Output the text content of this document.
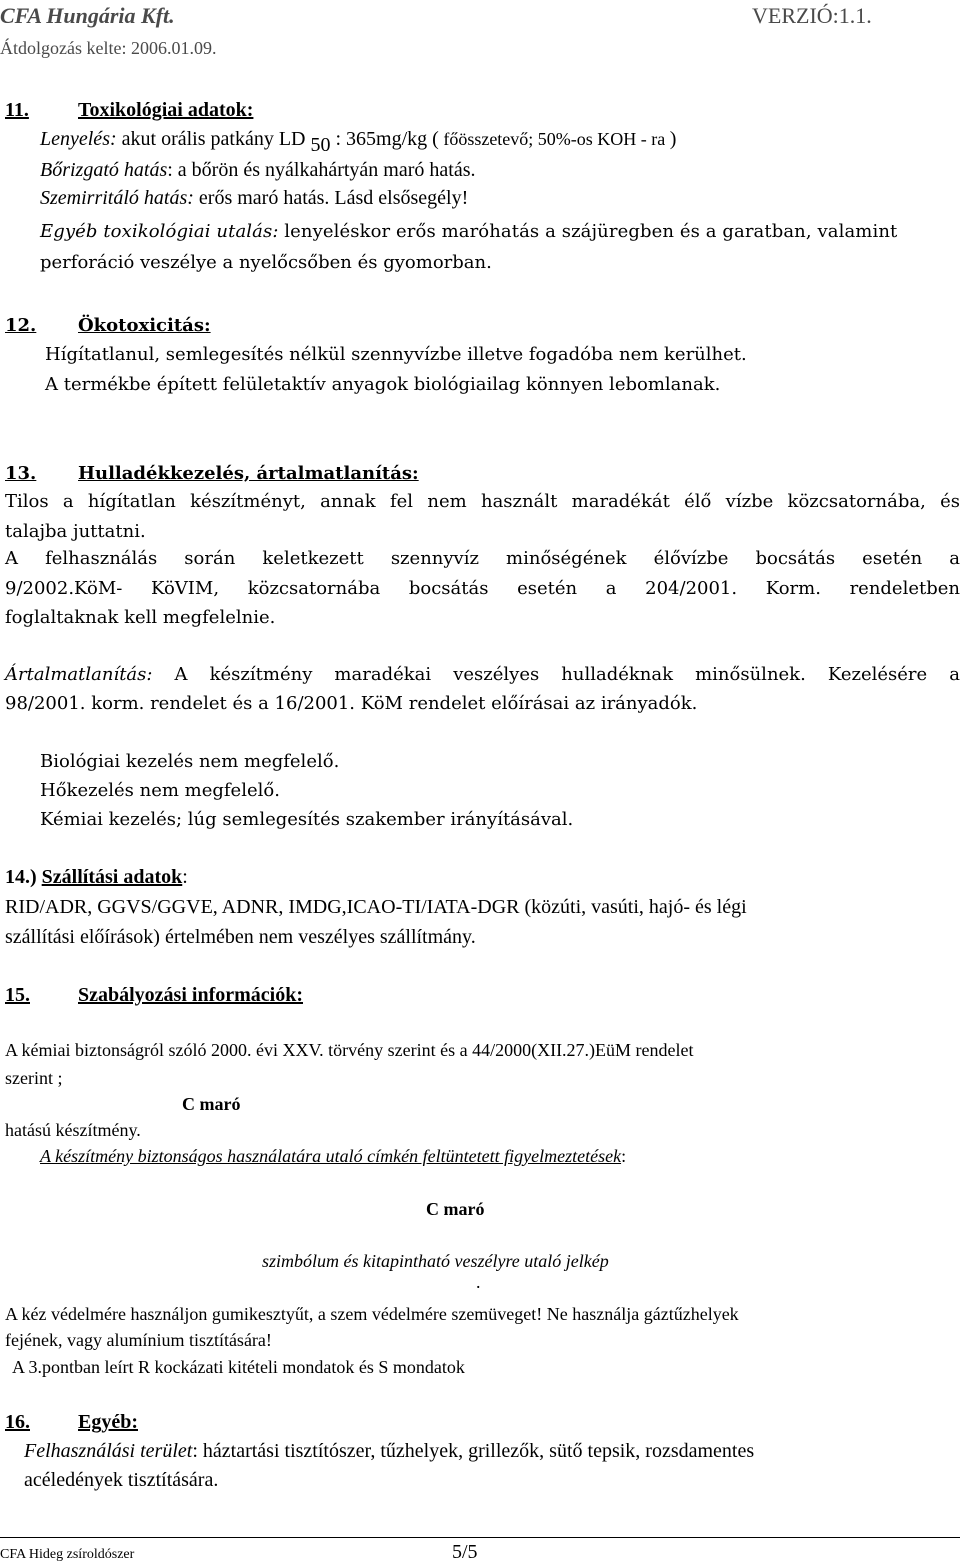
CFA Hungária Kft.	VERZIÓ:1.1.
Átdolgozás kelte: 2006.01.09.
11. Toxikológiai adatok:
Lenyelés: akut orális patkány LD 50 : 365mg/kg ( főösszetevő; 50%-os KOH - ra )
Bőrizgató hatás: a bőrön és nyálkahártyán maró hatás.
Szemirritáló hatás: erős maró hatás. Lásd elsősegély!
Egyéb toxikológiai utalás: lenyeléskor erős maróhatás a szájüregben és a garatban, valamint
perforáció veszélye a nyelőcsőben és gyomorban.
12. Ökotoxicitás:
Hígítatlanul, semlegesítés nélkül szennyvízbe illetve fogadóba nem kerülhet.
A termékbe épített felületaktív anyagok biológiailag könnyen lebomlanak.
13. Hulladékkezelés, ártalmatlanítás:
Tilos a hígítatlan készítményt, annak fel nem használt maradékát élő vízbe közcsatornába, és
talajba juttatni.
A felhasználás során keletkezett szennyvíz minőségének élővízbe bocsátás esetén a
9/2002.KöM- KöVIM, közcsatornába bocsátás esetén a 204/2001. Korm. rendeletben
foglaltaknak kell megfelelnie.
Ártalmatlanítás: A készítmény maradékai veszélyes hulladéknak minősülnek. Kezelésére a
98/2001. korm. rendelet és a 16/2001. KöM rendelet előírásai az irányadók.
Biológiai kezelés nem megfelelő.
Hőkezelés nem megfelelő.
Kémiai kezelés; lúg semlegesítés szakember irányításával.
14.) Szállítási adatok:
RID/ADR, GGVS/GGVE, ADNR, IMDG,ICAO-TI/IATA-DGR (közúti, vasúti, hajó- és légi
szállítási előírások) értelmében nem veszélyes szállítmány.
15. Szabályozási információk:
A kémiai biztonságról szóló 2000. évi XXV. törvény szerint és a 44/2000(XII.27.)EüM rendelet
szerint ;
C maró
hatású készítmény.
A készítmény biztonságos használatára utaló címkén feltüntetett figyelmeztetések:
C maró
szimbólum és kitapintható veszélyre utaló jelkép
.
A kéz védelmére használjon gumikesztyűt, a szem védelmére szemüveget! Ne használja gáztűzhelyek
fejének, vagy alumínium tisztítására!
A 3.pontban leírt R kockázati kitételi mondatok és S mondatok
16. Egyéb:
Felhasználási terület: háztartási tisztítószer, tűzhelyek, grillezők, sütő tepsik, rozsdamentes
acéledények tisztítására.
CFA Hideg zsíroldószer	5/5
